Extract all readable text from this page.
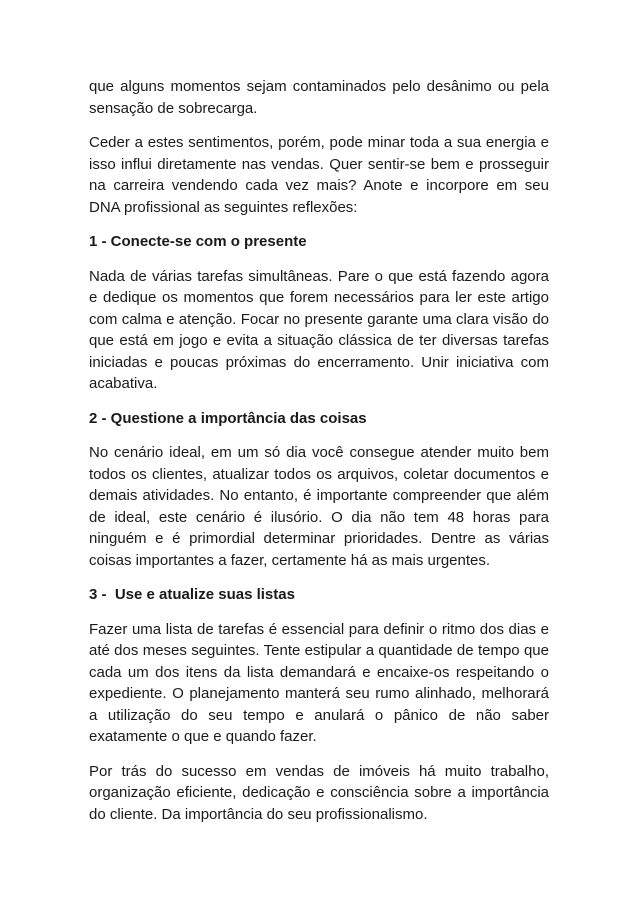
que alguns momentos sejam contaminados pelo desânimo ou pela sensação de sobrecarga.

Ceder a estes sentimentos, porém, pode minar toda a sua energia e isso influi diretamente nas vendas. Quer sentir-se bem e prosseguir na carreira vendendo cada vez mais? Anote e incorpore em seu DNA profissional as seguintes reflexões:

1 - Conecte-se com o presente

Nada de várias tarefas simultâneas. Pare o que está fazendo agora e dedique os momentos que forem necessários para ler este artigo com calma e atenção. Focar no presente garante uma clara visão do que está em jogo e evita a situação clássica de ter diversas tarefas iniciadas e poucas próximas do encerramento. Unir iniciativa com acabativa.

2 - Questione a importância das coisas

No cenário ideal, em um só dia você consegue atender muito bem todos os clientes, atualizar todos os arquivos, coletar documentos e demais atividades. No entanto, é importante compreender que além de ideal, este cenário é ilusório. O dia não tem 48 horas para ninguém e é primordial determinar prioridades. Dentre as várias coisas importantes a fazer, certamente há as mais urgentes.

3 -  Use e atualize suas listas

Fazer uma lista de tarefas é essencial para definir o ritmo dos dias e até dos meses seguintes. Tente estipular a quantidade de tempo que cada um dos itens da lista demandará e encaixe-os respeitando o expediente. O planejamento manterá seu rumo alinhado, melhorará a utilização do seu tempo e anulará o pânico de não saber exatamente o que e quando fazer.

Por trás do sucesso em vendas de imóveis há muito trabalho, organização eficiente, dedicação e consciência sobre a importância do cliente. Da importância do seu profissionalismo.
